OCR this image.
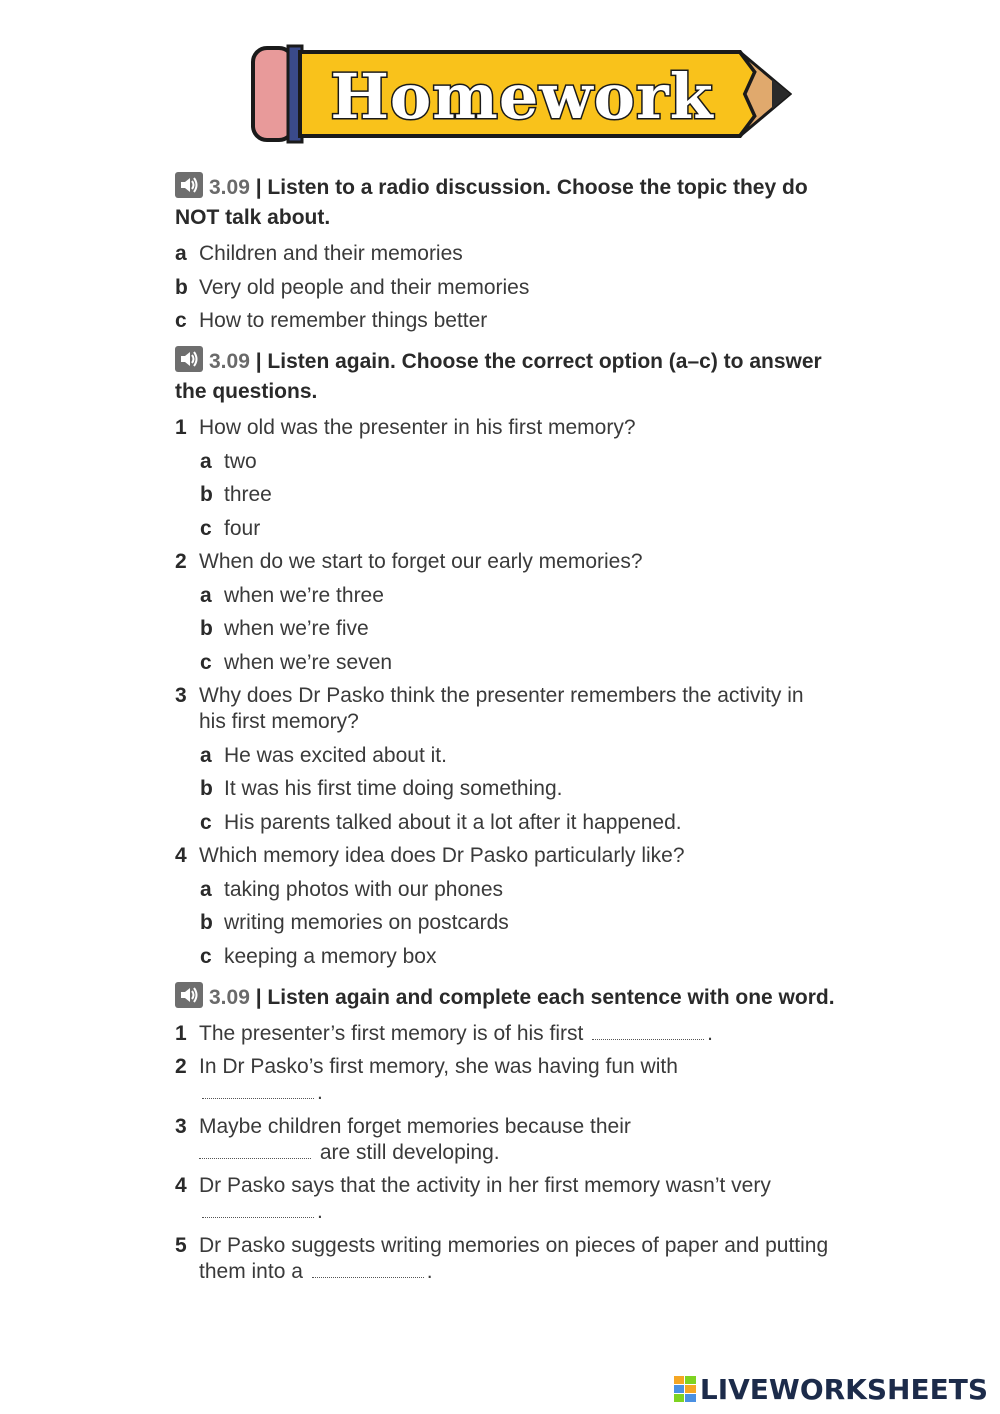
Homework
3.09 | Listen to a radio discussion. Choose the topic they do NOT talk about.
a Children and their memories
b Very old people and their memories
c How to remember things better
3.09 | Listen again. Choose the correct option (a–c) to answer the questions.
1 How old was the presenter in his first memory?
a two
b three
c four
2 When do we start to forget our early memories?
a when we’re three
b when we’re five
c when we’re seven
3 Why does Dr Pasko think the presenter remembers the activity in his first memory?
a He was excited about it.
b It was his first time doing something.
c His parents talked about it a lot after it happened.
4 Which memory idea does Dr Pasko particularly like?
a taking photos with our phones
b writing memories on postcards
c keeping a memory box
3.09 | Listen again and complete each sentence with one word.
1 The presenter’s first memory is of his first	.
2 In Dr Pasko’s first memory, she was having fun with.
3 Maybe children forget memories because their
are still developing.
4 Dr Pasko says that the activity in her first memory wasn’t very .
5 Dr Pasko suggests writing memories on pieces of paper and putting them into a	.
LIVEWORKSHEETS
